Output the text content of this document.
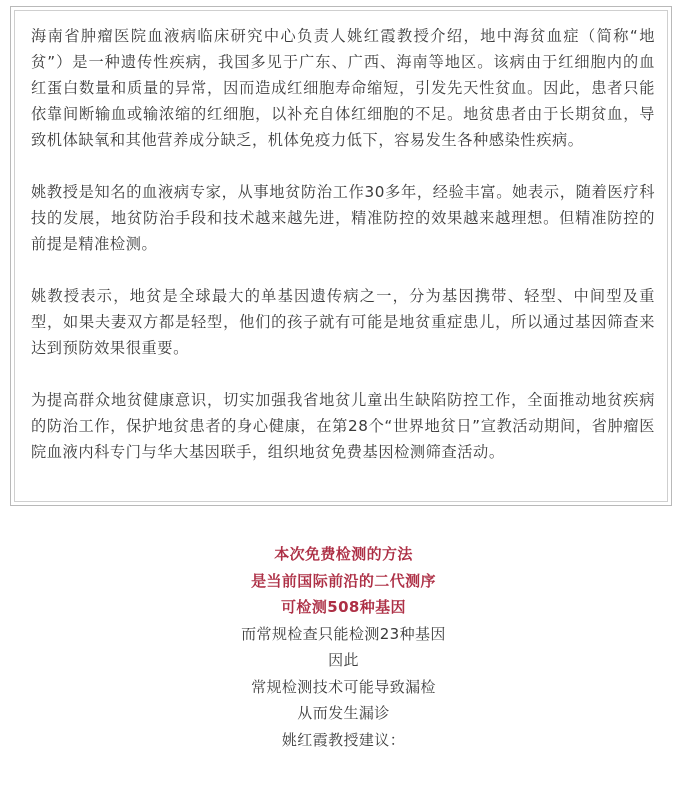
海南省肿瘤医院血液病临床研究中心负责人姚红霞教授介绍，地中海贫血症（简称“地贫”）是一种遗传性疾病，我国多见于广东、广西、海南等地区。该病由于红细胞内的血红蛋白数量和质量的异常，因而造成红细胞寿命缩短，引发先天性贫血。因此，患者只能依靠间断输血或输浓缩的红细胞，以补充自体红细胞的不足。地贫患者由于长期贫血，导致机体缺氧和其他营养成分缺乏，机体免疫力低下，容易发生各种感染性疾病。

姚教授是知名的血液病专家，从事地贫防治工作30多年，经验丰富。她表示，随着医疗科技的发展，地贫防治手段和技术越来越先进，精准防控的效果越来越理想。但精准防控的前提是精准检测。

姚教授表示，地贫是全球最大的单基因遗传病之一，分为基因携带、轻型、中间型及重型，如果夫妻双方都是轻型，他们的孩子就有可能是地贫重症患儿，所以通过基因筛查来达到预防效果很重要。

为提高群众地贫健康意识，切实加强我省地贫儿童出生缺陷防控工作，全面推动地贫疾病的防治工作，保护地贫患者的身心健康，在第28个“世界地贫日”宣教活动期间，省肿瘤医院血液内科专门与华大基因联手，组织地贫免费基因检测筛查活动。

本次免费检测的方法
是当前国际前沿的二代测序
可检测508种基因
而常规检查只能检测23种基因
因此
常规检测技术可能导致漏检
从而发生漏诊
姚红霞教授建议：
